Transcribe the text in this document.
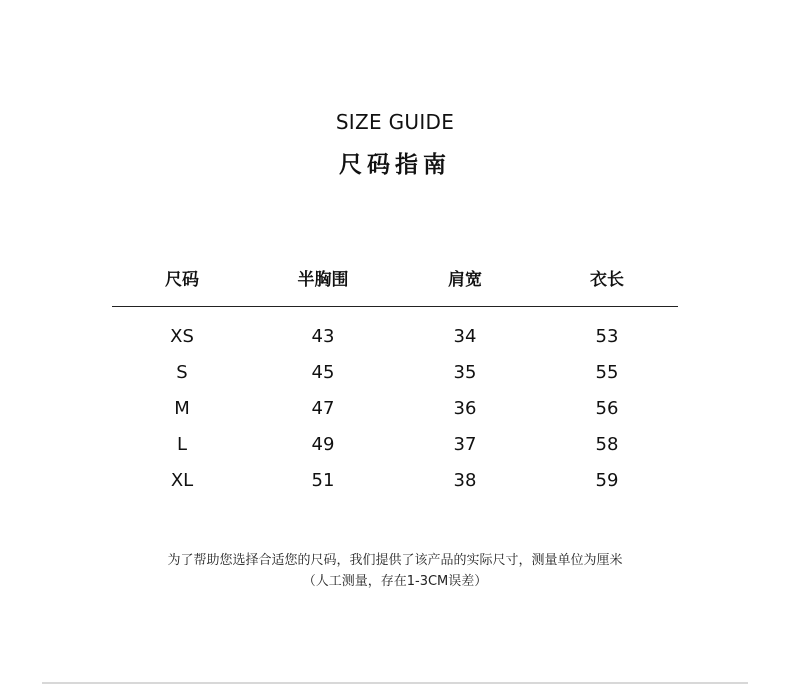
SIZE GUIDE
尺码指南
尺码	半胸围	肩宽	衣长
XS	43	34	53
S	45	35	55
M	47	36	56
L	49	37	58
XL	51	38	59
为了帮助您选择合适您的尺码，我们提供了该产品的实际尺寸，测量单位为厘米
（人工测量，存在1-3CM误差）
